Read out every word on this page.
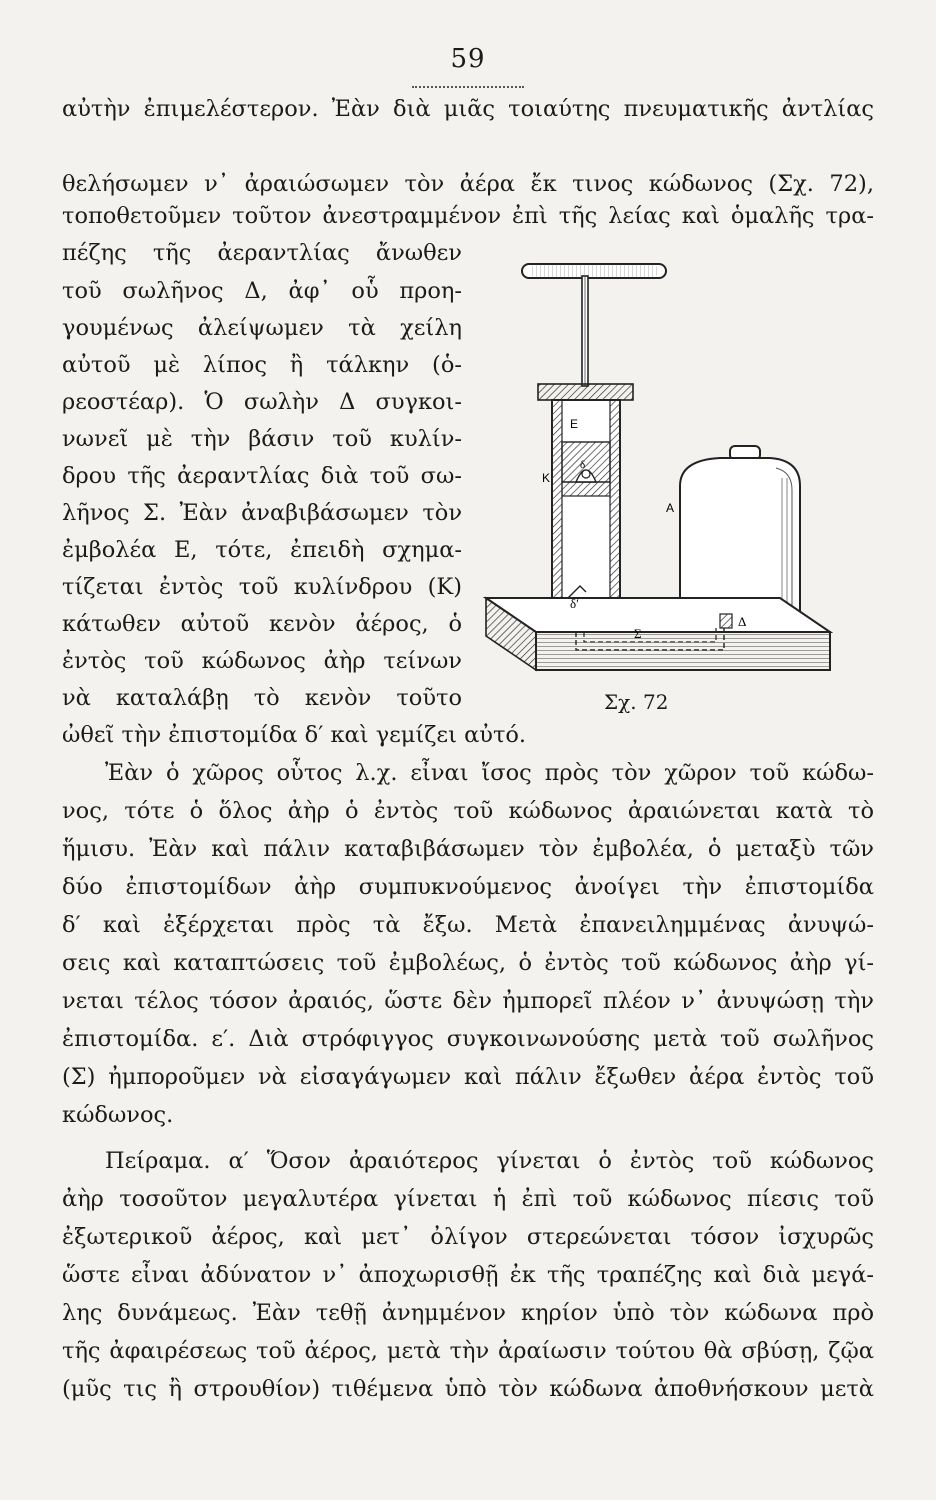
59
αὐτὴν ἐπιμελέστερον. Ἐὰν διὰ μιᾶς τοιαύτης πνευματικῆς ἀντλίας
θελήσωμεν ν᾽ ἀραιώσωμεν τὸν ἀέρα ἔκ τινος κώδωνος (Σχ. 72),
τοποθετοῦμεν τοῦτον ἀνεστραμμένον ἐπὶ τῆς λείας καὶ ὁμαλῆς τρα-
πέζης τῆς ἀεραντλίας ἄνωθεν
τοῦ σωλῆνος Δ, ἀφ᾽ οὗ προη-
γουμένως ἀλείψωμεν τὰ χείλη
αὐτοῦ μὲ λίπος ἢ τάλκην (ὁ-
ρεοστέαρ). Ὁ σωλὴν Δ συγκοι-
νωνεῖ μὲ τὴν βάσιν τοῦ κυλίν-
δρου τῆς ἀεραντλίας διὰ τοῦ σω-
λῆνος Σ. Ἐὰν ἀναβιβάσωμεν τὸν
ἐμβολέα Ε, τότε, ἐπειδὴ σχημα-
τίζεται ἐντὸς τοῦ κυλίνδρου (Κ)
κάτωθεν αὐτοῦ κενὸν ἀέρος, ὁ
ἐντὸς τοῦ κώδωνος ἀὴρ τείνων
νὰ καταλάβῃ τὸ κενὸν τοῦτο
ὠθεῖ τὴν ἐπιστομίδα δ′ καὶ γεμίζει αὐτό.
Ἐὰν ὁ χῶρος οὗτος λ.χ. εἶναι ἴσος πρὸς τὸν χῶρον τοῦ κώδω-
νος, τότε ὁ ὅλος ἀὴρ ὁ ἐντὸς τοῦ κώδωνος ἀραιώνεται κατὰ τὸ
ἥμισυ. Ἐὰν καὶ πάλιν καταβιβάσωμεν τὸν ἐμβολέα, ὁ μεταξὺ τῶν
δύο ἐπιστομίδων ἀὴρ συμπυκνούμενος ἀνοίγει τὴν ἐπιστομίδα
δ′ καὶ ἐξέρχεται πρὸς τὰ ἔξω. Μετὰ ἐπανειλημμένας ἀνυψώ-
σεις καὶ καταπτώσεις τοῦ ἐμβολέως, ὁ ἐντὸς τοῦ κώδωνος ἀὴρ γί-
νεται τέλος τόσον ἀραιός, ὥστε δὲν ἠμπορεῖ πλέον ν᾽ ἀνυψώσῃ τὴν
ἐπιστομίδα. ε′. Διὰ στρόφιγγος συγκοινωνούσης μετὰ τοῦ σωλῆνος
(Σ) ἠμποροῦμεν νὰ εἰσαγάγωμεν καὶ πάλιν ἔξωθεν ἀέρα ἐντὸς τοῦ
κώδωνος.
Πείραμα. α′ Ὅσον ἀραιότερος γίνεται ὁ ἐντὸς τοῦ κώδωνος
ἀὴρ τοσοῦτον μεγαλυτέρα γίνεται ἡ ἐπὶ τοῦ κώδωνος πίεσις τοῦ
ἐξωτερικοῦ ἀέρος, καὶ μετ᾽ ὀλίγον στερεώνεται τόσον ἰσχυρῶς
ὥστε εἶναι ἀδύνατον ν᾽ ἀποχωρισθῇ ἐκ τῆς τραπέζης καὶ διὰ μεγά-
λης δυνάμεως. Ἐὰν τεθῇ ἀνημμένον κηρίον ὑπὸ τὸν κώδωνα πρὸ
τῆς ἀφαιρέσεως τοῦ ἀέρος, μετὰ τὴν ἀραίωσιν τούτου θὰ σβύσῃ, ζῷα
(μῦς τις ἢ στρουθίον) τιθέμενα ὑπὸ τὸν κώδωνα ἀποθνήσκουν μετὰ
E
δ
K
A
δ′
Σ
Δ
Σχ. 72
